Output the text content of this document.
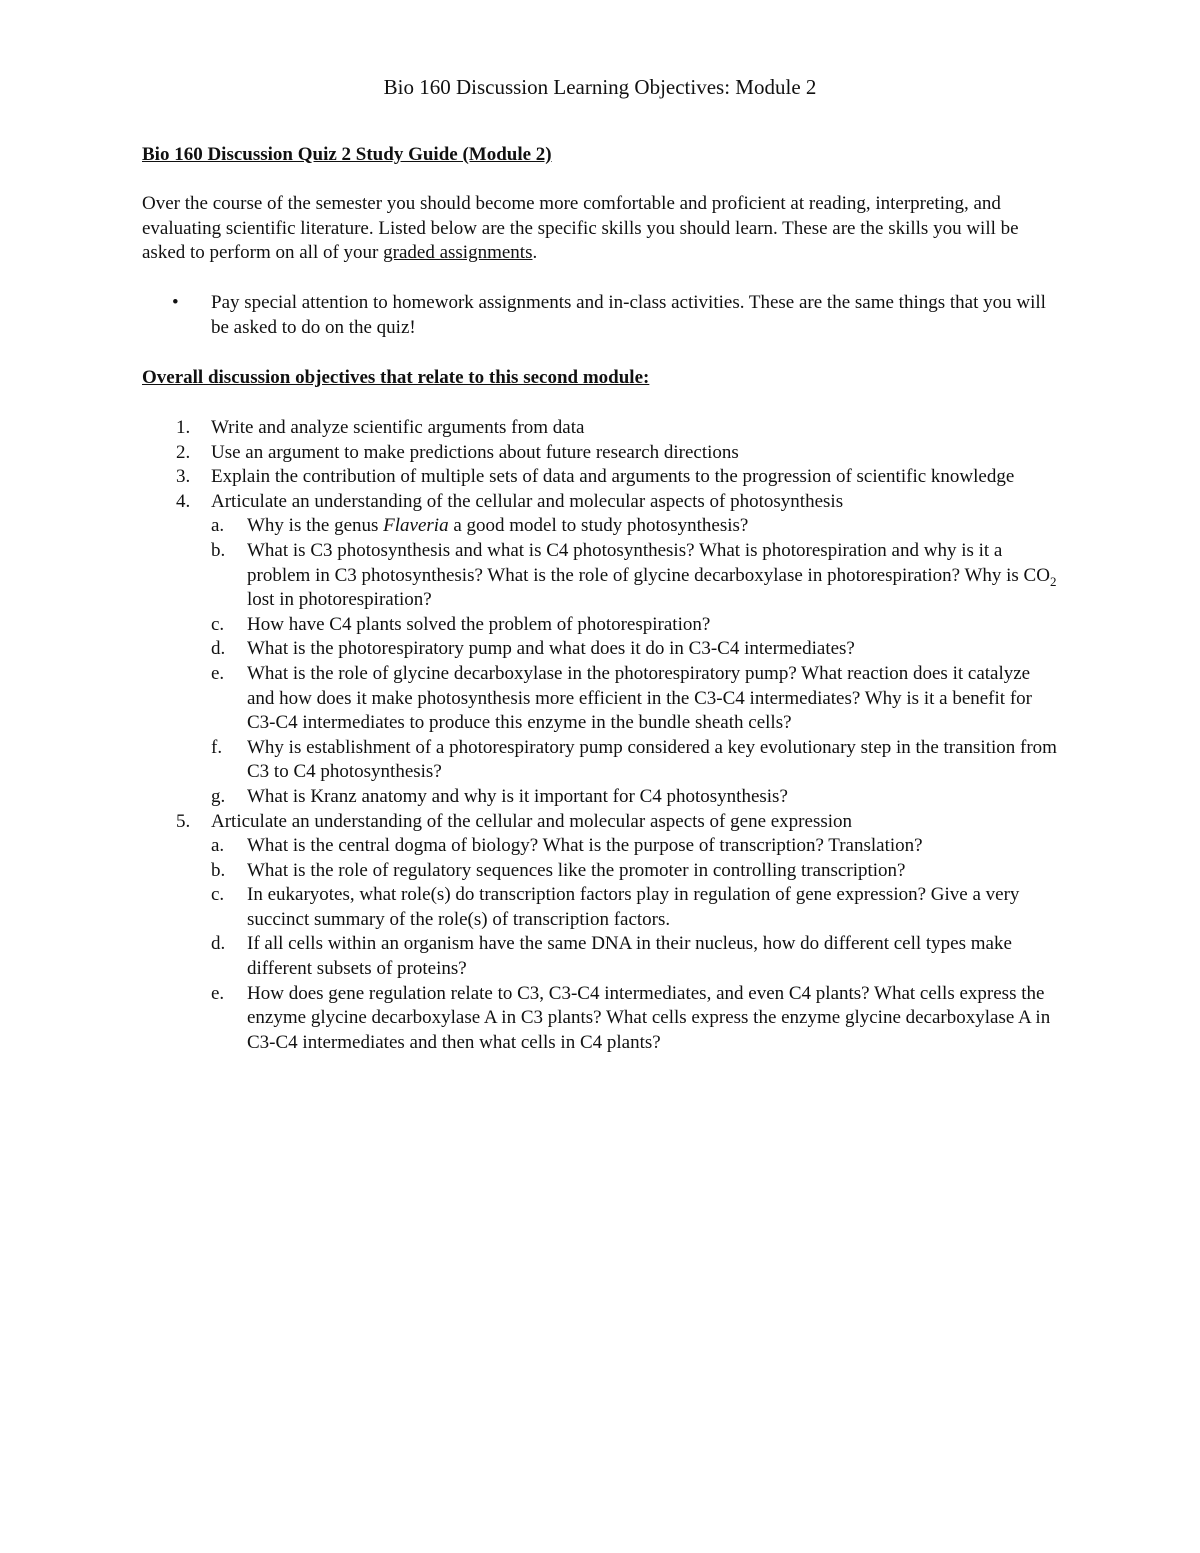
Bio 160 Discussion Learning Objectives: Module 2
Bio 160 Discussion Quiz 2 Study Guide (Module 2)

Over the course of the semester you should become more comfortable and proficient at reading, interpreting, and evaluating scientific literature. Listed below are the specific skills you should learn. These are the skills you will be asked to perform on all of your graded assignments.

• Pay special attention to homework assignments and in-class activities. These are the same things that you will be asked to do on the quiz!
Overall discussion objectives that relate to this second module:
1. Write and analyze scientific arguments from data
2. Use an argument to make predictions about future research directions
3. Explain the contribution of multiple sets of data and arguments to the progression of scientific knowledge
4. Articulate an understanding of the cellular and molecular aspects of photosynthesis
a. Why is the genus Flaveria a good model to study photosynthesis?
b. What is C3 photosynthesis and what is C4 photosynthesis? What is photorespiration and why is it a problem in C3 photosynthesis? What is the role of glycine decarboxylase in photorespiration? Why is $CO_2$ lost in photorespiration?
c. How have C4 plants solved the problem of photorespiration?
d. What is the photorespiratory pump and what does it do in C3-C4 intermediates?
e. What is the role of glycine decarboxylase in the photorespiratory pump? What reaction does it catalyze and how does it make photosynthesis more efficient in the C3-C4 intermediates? Why is it a benefit for C3-C4 intermediates to produce this enzyme in the bundle sheath cells?
f. Why is establishment of a photorespiratory pump considered a key evolutionary step in the transition from C3 to C4 photosynthesis?
g. What is Kranz anatomy and why is it important for C4 photosynthesis?
5. Articulate an understanding of the cellular and molecular aspects of gene expression
a. What is the central dogma of biology? What is the purpose of transcription? Translation?
b. What is the role of regulatory sequences like the promoter in controlling transcription?
c. In eukaryotes, what role(s) do transcription factors play in regulation of gene expression? Give a very succinct summary of the role(s) of transcription factors.
d. If all cells within an organism have the same DNA in their nucleus, how do different cell types make different subsets of proteins?
e. How does gene regulation relate to C3, C3-C4 intermediates, and even C4 plants? What cells express the enzyme glycine decarboxylase A in C3 plants? What cells express the enzyme glycine decarboxylase A in C3-C4 intermediates and then what cells in C4 plants?
